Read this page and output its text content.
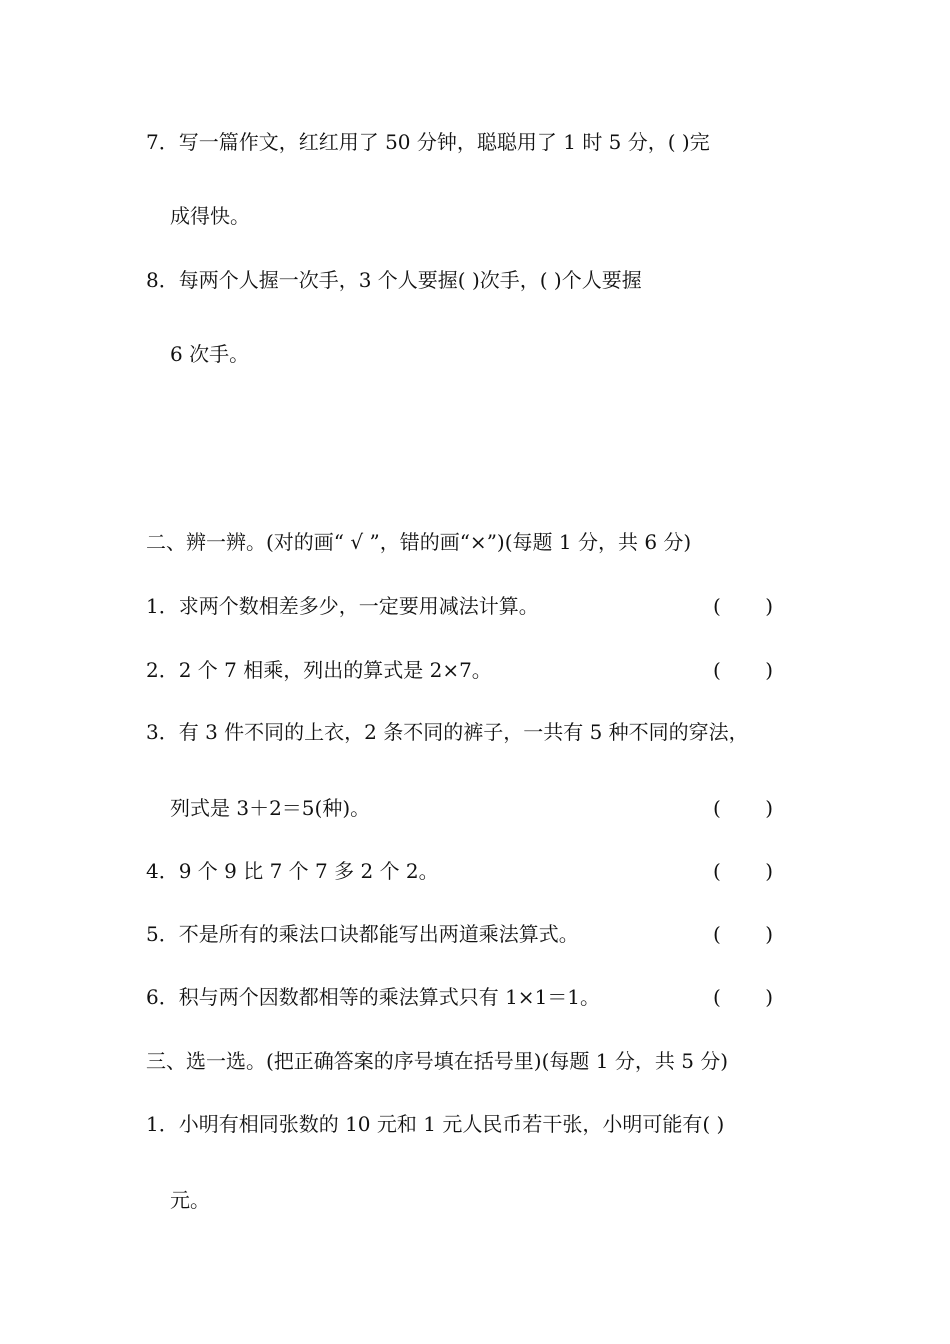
7．写一篇作文，红红用了 50 分钟，聪聪用了 1 时 5 分，( )完
成得快。
8．每两个人握一次手，3 个人要握( )次手，( )个人要握
6 次手。
二、辨一辨。(对的画“ √ ”，错的画“×”)(每题 1 分，共 6 分)
1．求两个数相差多少，一定要用减法计算。	(       )
2．2 个 7 相乘，列出的算式是 2×7。	(       )
3．有 3 件不同的上衣，2 条不同的裤子，一共有 5 种不同的穿法，
列式是 3＋2＝5(种)。	(       )
4．9 个 9 比 7 个 7 多 2 个 2。	(       )
5．不是所有的乘法口诀都能写出两道乘法算式。	(       )
6．积与两个因数都相等的乘法算式只有 1×1＝1。	(       )
三、选一选。(把正确答案的序号填在括号里)(每题 1 分，共 5 分)
1．小明有相同张数的 10 元和 1 元人民币若干张，小明可能有( )
元。
